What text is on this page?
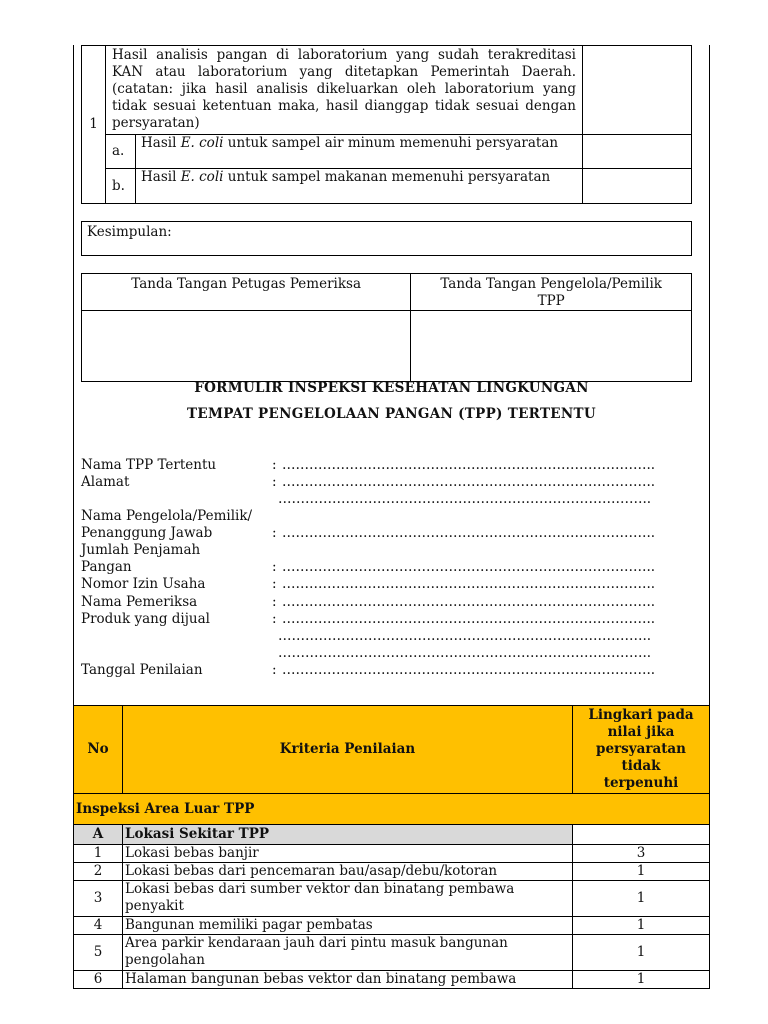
1	Hasil analisis pangan di laboratorium yang sudah terakreditasi KAN atau laboratorium yang ditetapkan Pemerintah Daerah. (catatan: jika hasil analisis dikeluarkan oleh laboratorium yang tidak sesuai ketentuan maka, hasil dianggap tidak sesuai dengan persyaratan)		
	a.	Hasil E. coli untuk sampel air minum memenuhi persyaratan	
	b.	Hasil E. coli untuk sampel makanan memenuhi persyaratan	
Kesimpulan:
Tanda Tangan Petugas Pemeriksa	Tanda Tangan Pengelola/Pemilik TPP

FORMULIR INSPEKSI KESEHATAN LINGKUNGAN
TEMPAT PENGELOLAAN PANGAN (TPP) TERTENTU
Nama TPP Tertentu	: ………………………………………………………………………..
Alamat	: ………………………………………………………………………..
………………………………………………………………………..
Nama Pengelola/Pemilik/
Penanggung Jawab	: ………………………………………………………………………..
Jumlah Penjamah
Pangan	: ………………………………………………………………………..
Nomor Izin Usaha	: ………………………………………………………………………..
Nama Pemeriksa	: ………………………………………………………………………..
Produk yang dijual	: ………………………………………………………………………..
………………………………………………………………………..
………………………………………………………………………..
Tanggal Penilaian	: ………………………………………………………………………..
No	Kriteria Penilaian	Lingkari pada nilai jika persyaratan tidak terpenuhi
Inspeksi Area Luar TPP		
A	Lokasi Sekitar TPP	
1	Lokasi bebas banjir	3
2	Lokasi bebas dari pencemaran bau/asap/debu/kotoran	1
3	Lokasi bebas dari sumber vektor dan binatang pembawa penyakit	1
4	Bangunan memiliki pagar pembatas	1
5	Area parkir kendaraan jauh dari pintu masuk bangunan pengolahan	1
6	Halaman bangunan bebas vektor dan binatang pembawa	1
